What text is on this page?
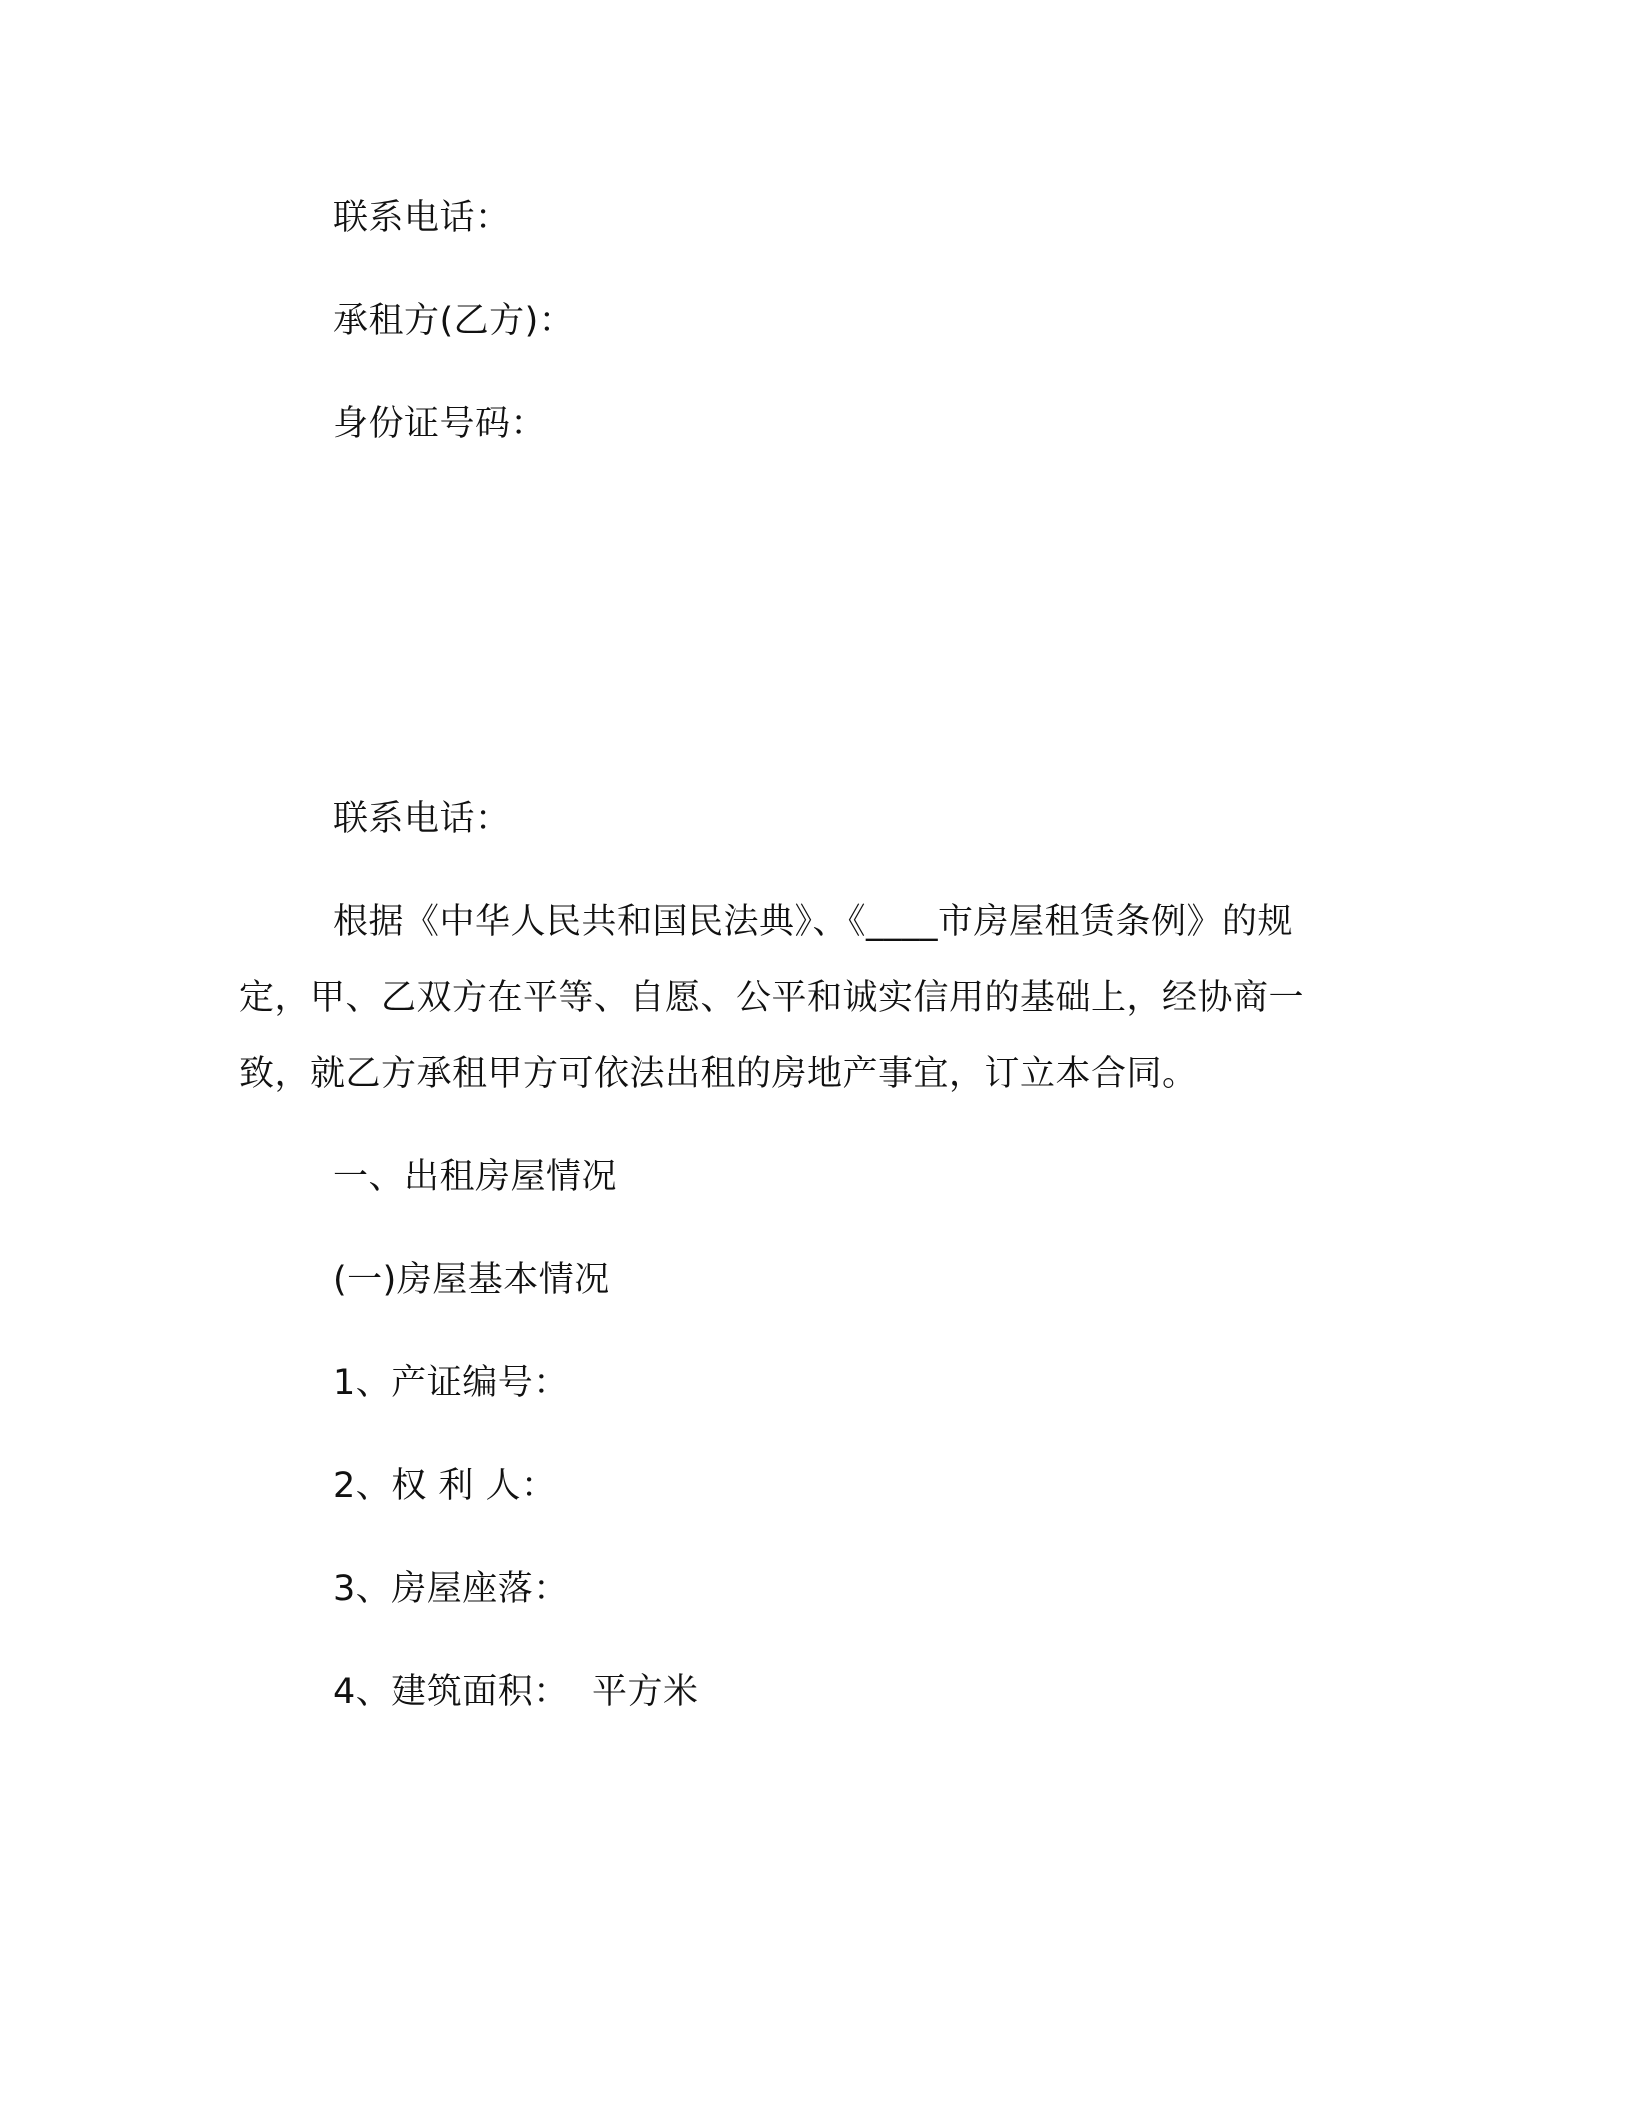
联系电话：
承租方(乙方)：
身份证号码：
联系电话：
根据《中华人民共和国民法典》、《____市房屋租赁条例》的规
定，甲、乙双方在平等、自愿、公平和诚实信用的基础上，经协商一
致，就乙方承租甲方可依法出租的房地产事宜，订立本合同。
一、出租房屋情况
(一)房屋基本情况
1、产证编号：
2、权 利 人：
3、房屋座落：
4、建筑面积：  平方米
